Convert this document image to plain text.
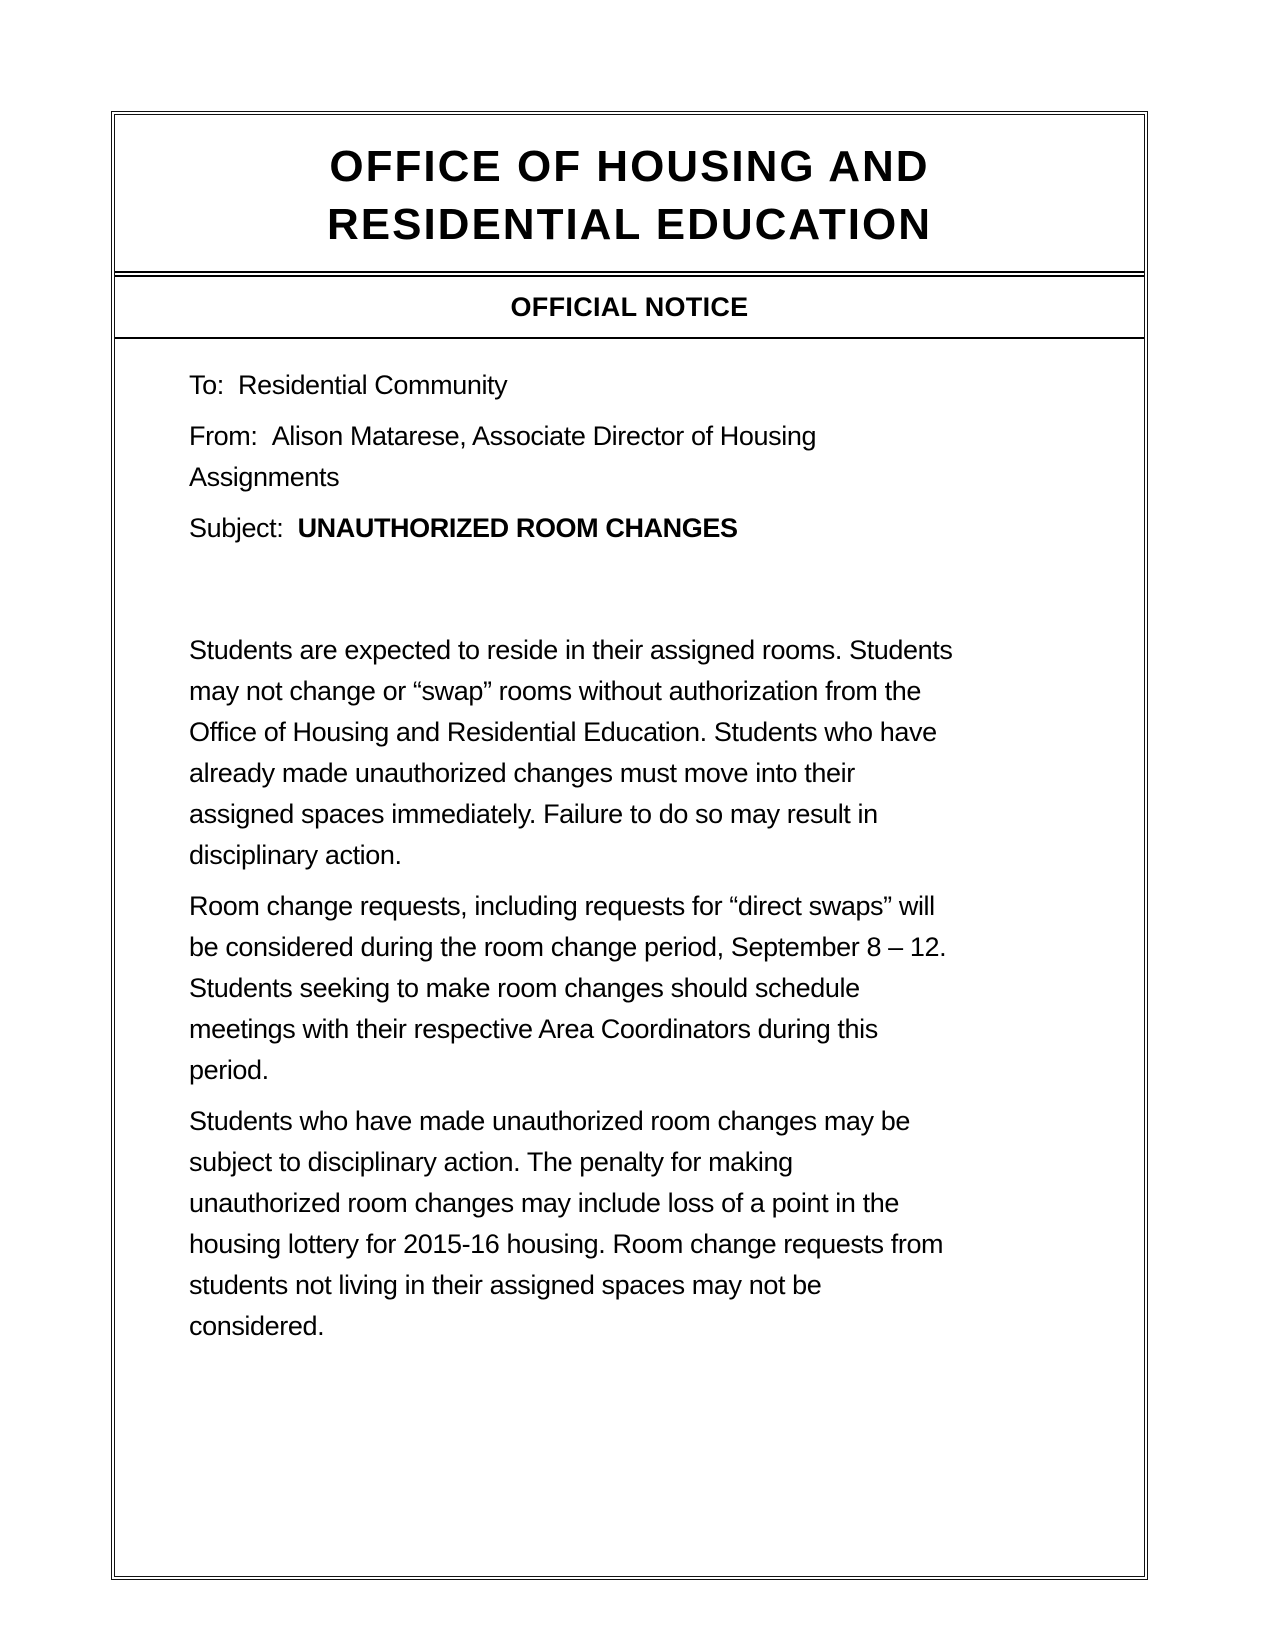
OFFICE OF HOUSING AND
RESIDENTIAL EDUCATION
OFFICIAL NOTICE
To: Residential Community
From: Alison Matarese, Associate Director of Housing
Assignments
Subject: UNAUTHORIZED ROOM CHANGES
Students are expected to reside in their assigned rooms. Students
may not change or “swap” rooms without authorization from the
Office of Housing and Residential Education. Students who have
already made unauthorized changes must move into their
assigned spaces immediately. Failure to do so may result in
disciplinary action.
Room change requests, including requests for “direct swaps” will
be considered during the room change period, September 8 – 12.
Students seeking to make room changes should schedule
meetings with their respective Area Coordinators during this
period.
Students who have made unauthorized room changes may be
subject to disciplinary action. The penalty for making
unauthorized room changes may include loss of a point in the
housing lottery for 2015-16 housing. Room change requests from
students not living in their assigned spaces may not be
considered.
